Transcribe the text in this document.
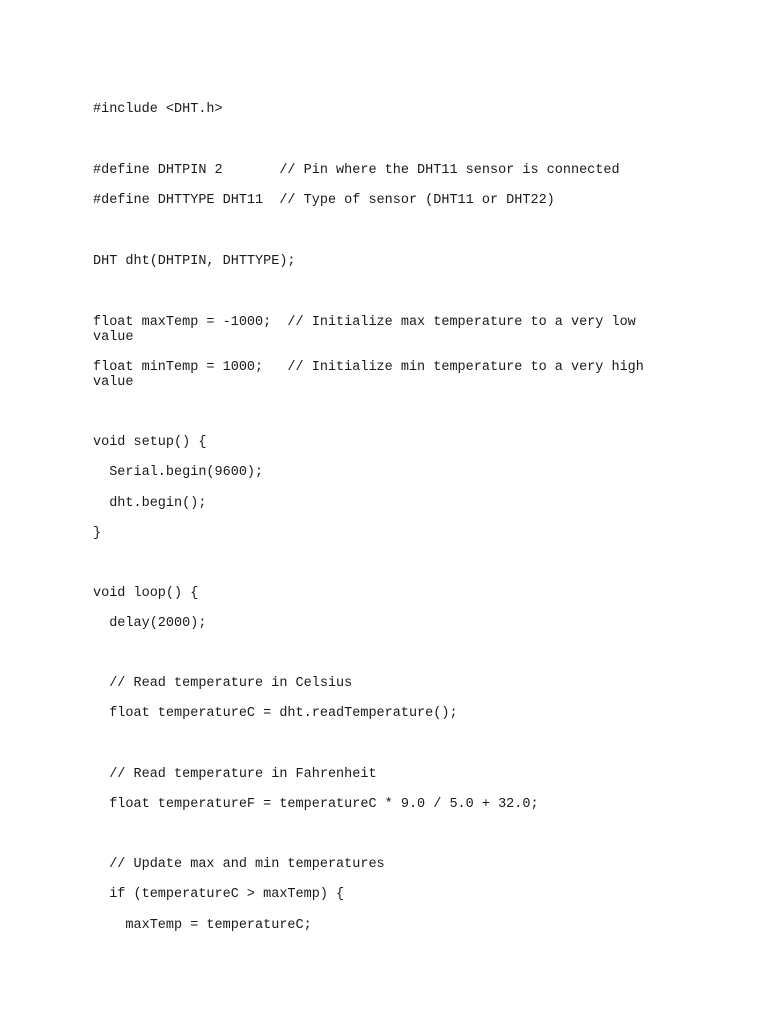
#include <DHT.h>

#define DHTPIN 2       // Pin where the DHT11 sensor is connected

#define DHTTYPE DHT11  // Type of sensor (DHT11 or DHT22)

DHT dht(DHTPIN, DHTTYPE);

float maxTemp = -1000;  // Initialize max temperature to a very low value

float minTemp = 1000;   // Initialize min temperature to a very high value

void setup() {

Serial.begin(9600);

dht.begin();

}

void loop() {

delay(2000);

// Read temperature in Celsius

float temperatureC = dht.readTemperature();

// Read temperature in Fahrenheit

float temperatureF = temperatureC * 9.0 / 5.0 + 32.0;

// Update max and min temperatures

if (temperatureC > maxTemp) {

maxTemp = temperatureC;
